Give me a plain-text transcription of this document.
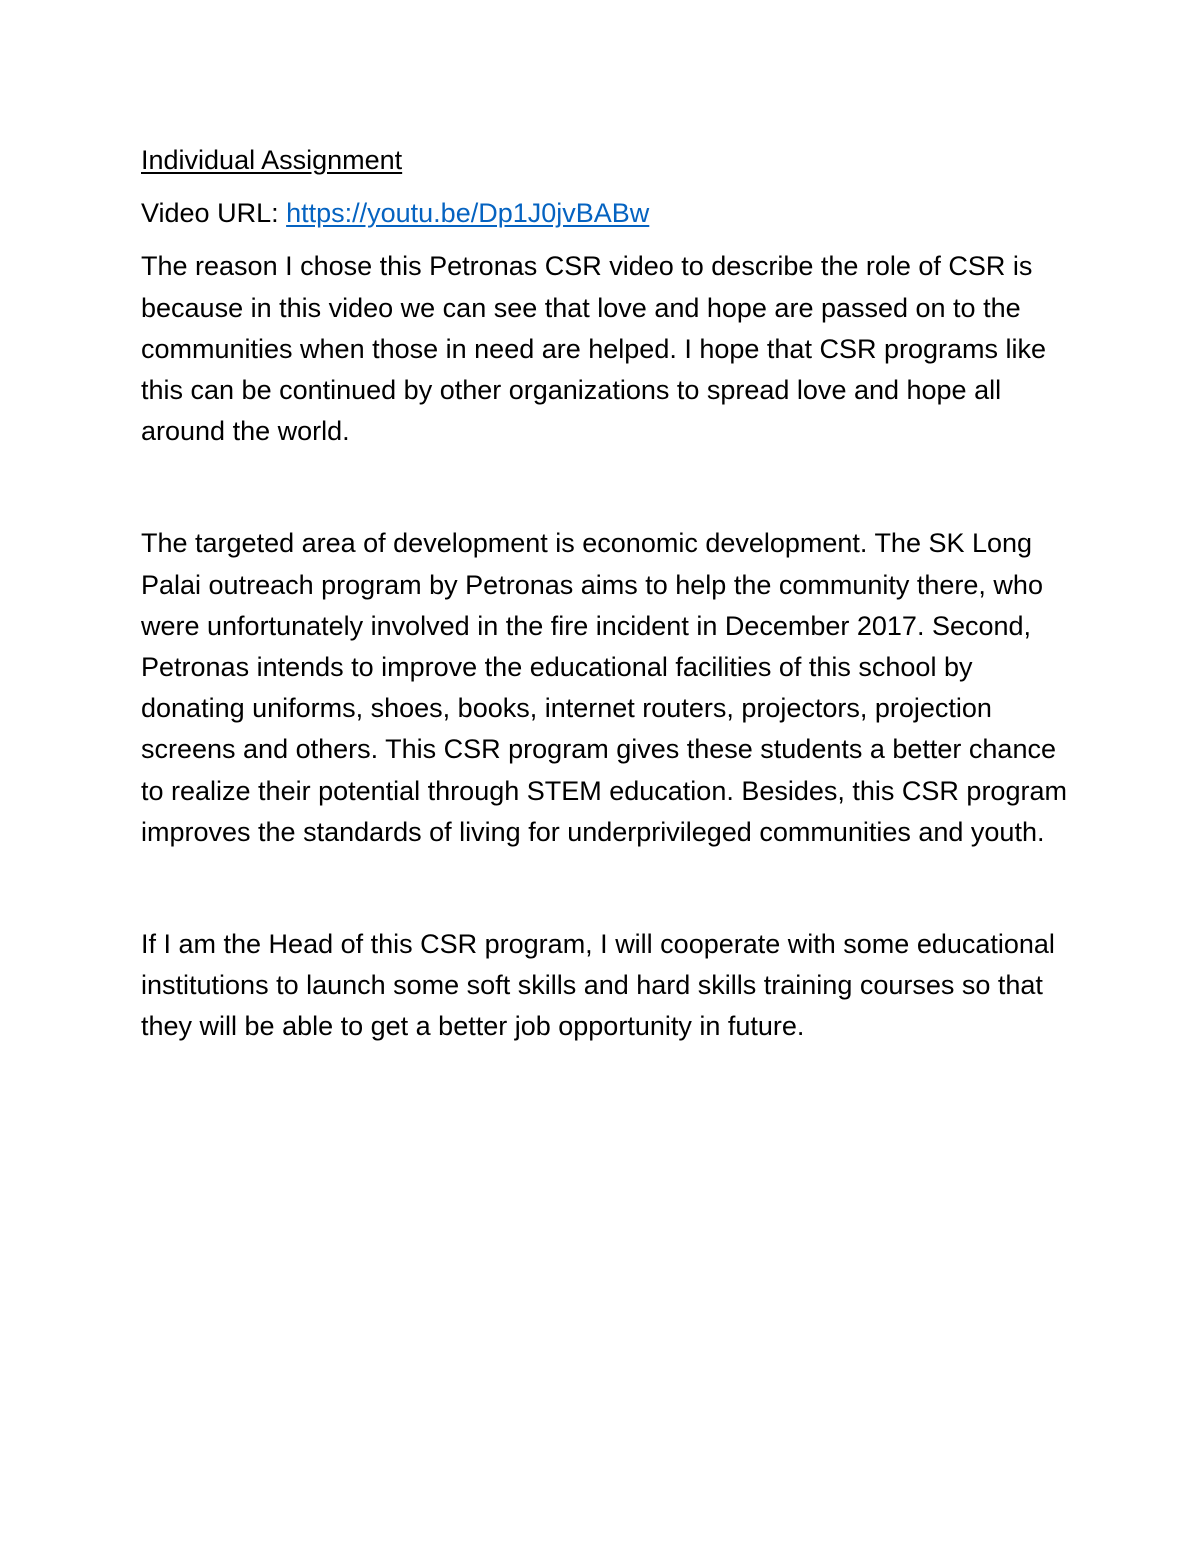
Individual Assignment
Video URL: https://youtu.be/Dp1J0jvBABw

The reason I chose this Petronas CSR video to describe the role of CSR is because in this video we can see that love and hope are passed on to the communities when those in need are helped. I hope that CSR programs like this can be continued by other organizations to spread love and hope all around the world.

The targeted area of development is economic development. The SK Long Palai outreach program by Petronas aims to help the community there, who were unfortunately involved in the fire incident in December 2017. Second, Petronas intends to improve the educational facilities of this school by donating uniforms, shoes, books, internet routers, projectors, projection screens and others. This CSR program gives these students a better chance to realize their potential through STEM education. Besides, this CSR program improves the standards of living for underprivileged communities and youth.

If I am the Head of this CSR program, I will cooperate with some educational institutions to launch some soft skills and hard skills training courses so that they will be able to get a better job opportunity in future.
